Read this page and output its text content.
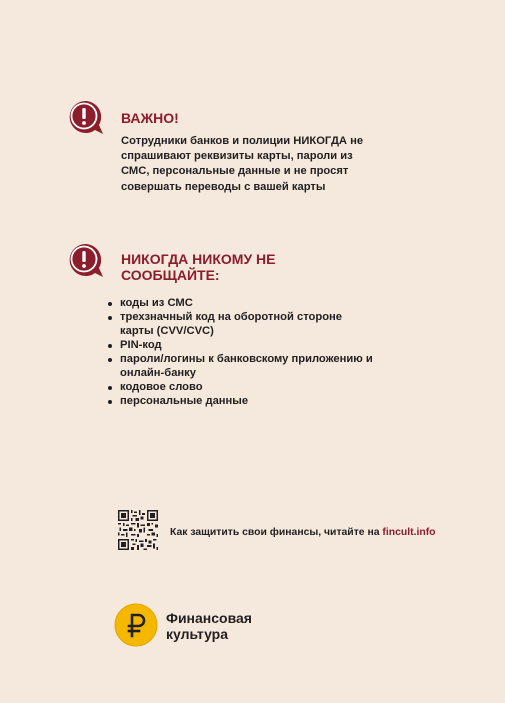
ВАЖНО!

Сотрудники банков и полиции НИКОГДА не спрашивают реквизиты карты, пароли из СМС, персональные данные и не просят совершать переводы с вашей карты

НИКОГДА НИКОМУ НЕ СООБЩАЙТЕ:
коды из СМС
трехзначный код на оборотной стороне карты (CVV/CVC)
PIN-код
пароли/логины к банковскому приложению и онлайн-банку
кодовое слово
персональные данные
Как защитить свои финансы, читайте на fincult.info
Финансовая культура
